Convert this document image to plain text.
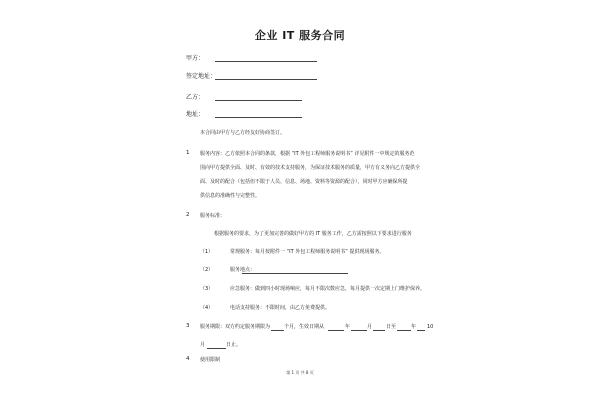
企业 IT 服务合同
甲方：
签定地址：
乙方：
地址：
本合同由甲方与乙方经友好协商签订。
1 服务内容：乙方依照本合同的条款，根据 “IT 外包工程师服务说明书” 详见附件一中规定的服务范
围向甲方提供全面、及时、有效的技术支持服务，为保证技术服务的质量，甲方有义务向乙方提供全
面、及时的配合（包括但不限于人员、信息、场地、资料等资源的配合），同时甲方应确保所提
供信息的准确性与完整性。
2 服务标准：
根据服务的要求，为了更加完善的做好甲方的 IT 服务工作，乙方需按照以下要求进行服务
（1）	常规服务：每月按附件一 “IT 外包工程师服务说明书” 提供现场服务。
（2）	服务地点：
（3）	应急服务：做到四小时现场响应，每月不限次数应急，每月提供一次定期上门维护保养。
（4）	电话支持服务：不限时间，由乙方免费提供。
3 服务期限：双方约定服务期限为	个月，生效日期从	年	月	日至	年 10
月	日止。
4 使用限制
第 1 页 共 8 页
